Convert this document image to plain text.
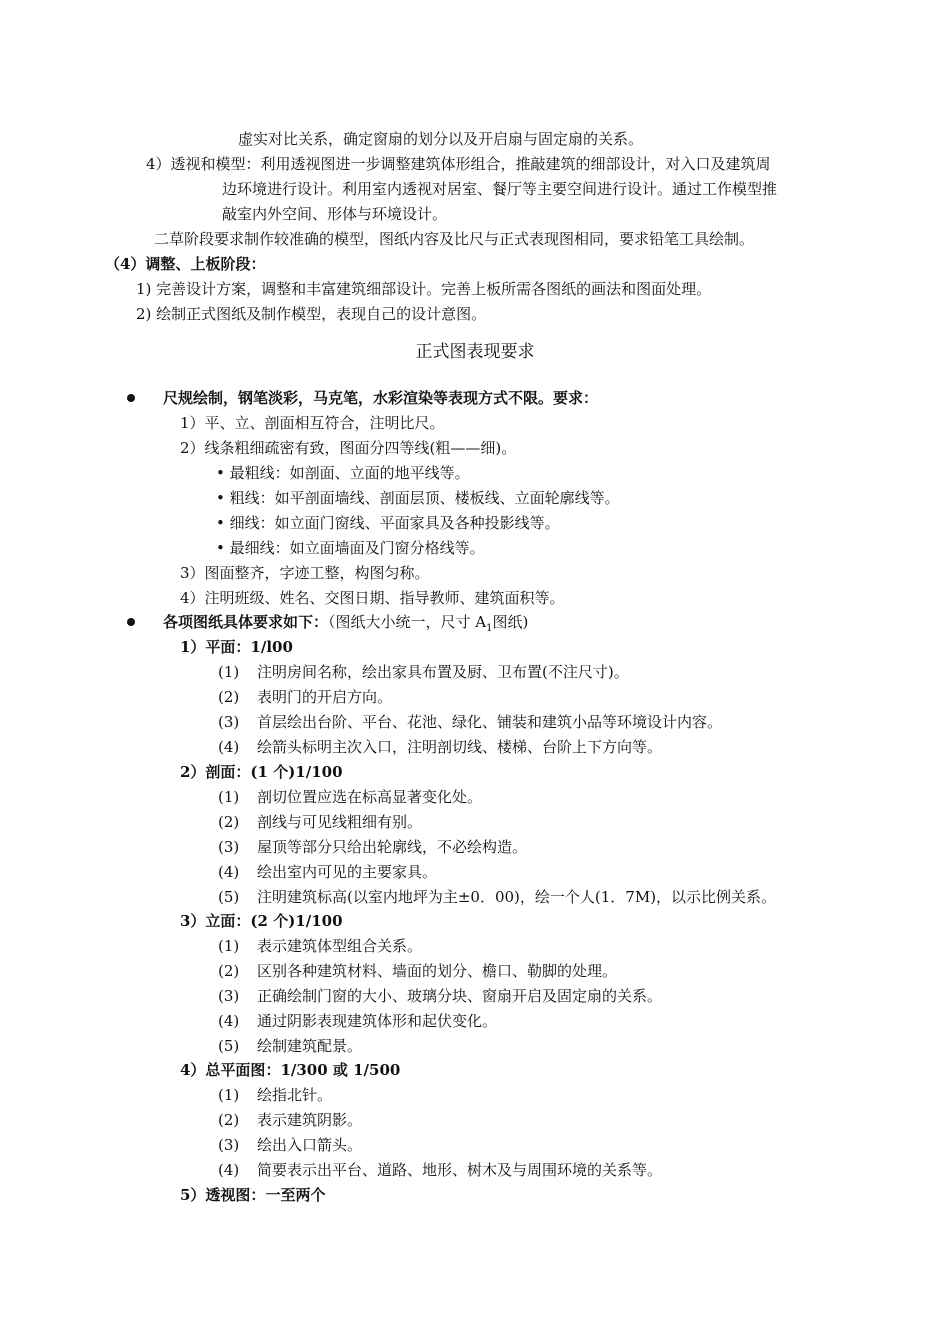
虚实对比关系，确定窗扇的划分以及开启扇与固定扇的关系。
4）透视和模型：利用透视图进一步调整建筑体形组合，推敲建筑的细部设计，对入口及建筑周
边环境进行设计。利用室内透视对居室、餐厅等主要空间进行设计。通过工作模型推
敲室内外空间、形体与环境设计。
二草阶段要求制作较准确的模型，图纸内容及比尺与正式表现图相同，要求铅笔工具绘制。
（4）调整、上板阶段：
1) 完善设计方案，调整和丰富建筑细部设计。完善上板所需各图纸的画法和图面处理。
2) 绘制正式图纸及制作模型，表现自己的设计意图。
正式图表现要求
尺规绘制，钢笔淡彩，马克笔，水彩渲染等表现方式不限。要求：
1）平、立、剖面相互符合，注明比尺。
2）线条粗细疏密有致，图面分四等线(粗——细)。
• 最粗线：如剖面、立面的地平线等。
• 粗线：如平剖面墙线、剖面层顶、楼板线、立面轮廓线等。
• 细线：如立面门窗线、平面家具及各种投影线等。
• 最细线：如立面墙面及门窗分格线等。
3）图面整齐，字迹工整，构图匀称。
4）注明班级、姓名、交图日期、指导教师、建筑面积等。
各项图纸具体要求如下：（图纸大小统一，尺寸 $A_1$图纸)
1）平面：1/l00
(1) 注明房间名称，绘出家具布置及厨、卫布置(不注尺寸)。
(2) 表明门的开启方向。
(3) 首层绘出台阶、平台、花池、绿化、铺装和建筑小品等环境设计内容。
(4) 绘箭头标明主次入口，注明剖切线、楼梯、台阶上下方向等。
2）剖面：(1 个)1/100
(1) 剖切位置应选在标高显著变化处。
(2) 剖线与可见线粗细有别。
(3) 屋顶等部分只给出轮廓线，不必绘构造。
(4) 绘出室内可见的主要家具。
(5) 注明建筑标高(以室内地坪为主±0．00)，绘一个人(1．7M)，以示比例关系。
3）立面：(2 个)1/100
(1) 表示建筑体型组合关系。
(2) 区别各种建筑材料、墙面的划分、檐口、勒脚的处理。
(3) 正确绘制门窗的大小、玻璃分块、窗扇开启及固定扇的关系。
(4) 通过阴影表现建筑体形和起伏变化。
(5) 绘制建筑配景。
4）总平面图：1/300 或 1/500
(1) 绘指北针。
(2) 表示建筑阴影。
(3) 绘出入口箭头。
(4) 简要表示出平台、道路、地形、树木及与周围环境的关系等。
5）透视图：一至两个
